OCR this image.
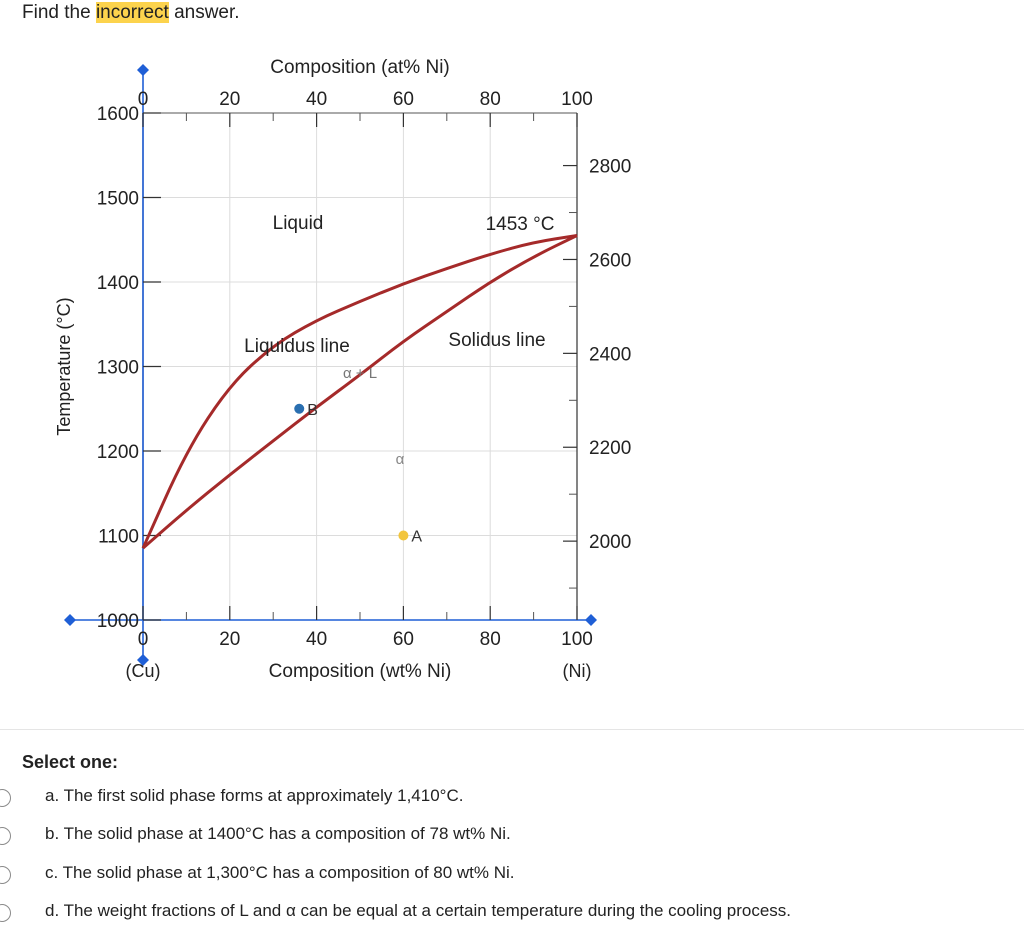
Find the incorrect answer.
1000
1100
1200
1300
1400
1500
1600
0	20	40	60	80	100
0	20	40	60	80	100
2000
2200
2400
2600
2800
Composition (wt% Ni)
Composition (at% Ni)
Temperature (°C)
(Cu)	(Ni)
Liquid
α + L
α
Liquidus line	Solidus line
1453 °C
B
A
Select one:
a. The first solid phase forms at approximately 1,410°C.
b. The solid phase at 1400°C has a composition of 78 wt% Ni.
c. The solid phase at 1,300°C has a composition of 80 wt% Ni.
d. The weight fractions of L and α can be equal at a certain temperature during the cooling process.
